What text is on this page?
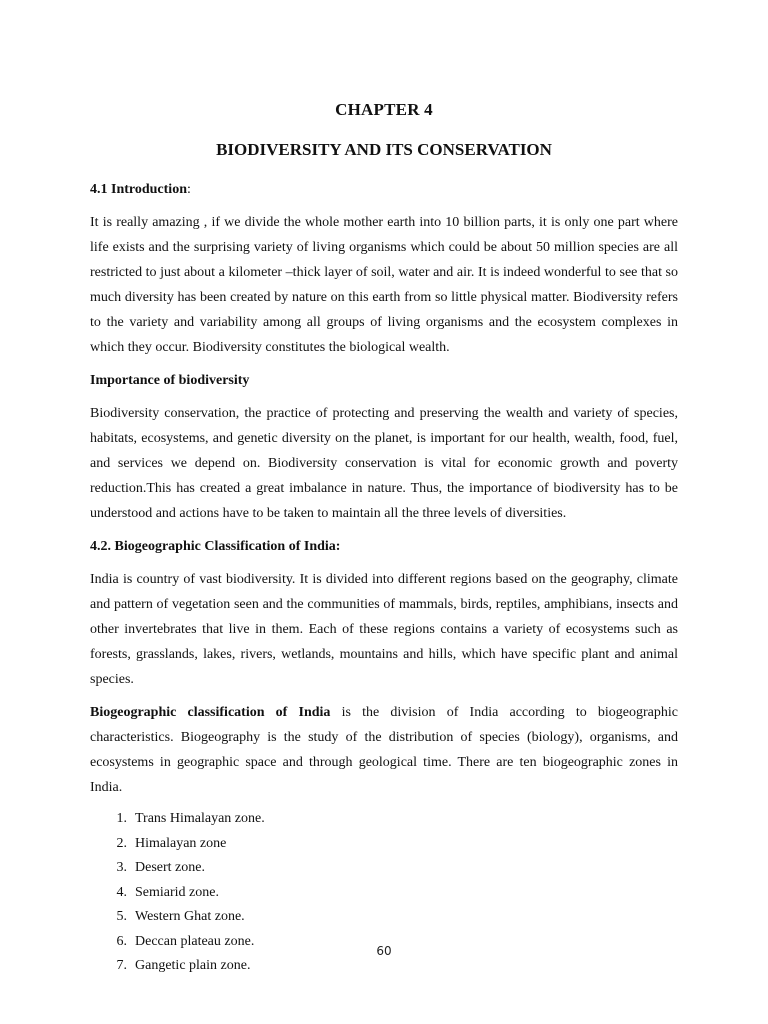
CHAPTER 4
BIODIVERSITY AND ITS CONSERVATION
4.1 Introduction:

It is really amazing , if we divide the whole mother earth into 10 billion parts, it is only one part where life exists and the surprising variety of living organisms which could be about 50 million species are all restricted to just about a kilometer –thick layer of soil, water and air. It is indeed wonderful to see that so much diversity has been created by nature on this earth from so little physical matter. Biodiversity refers to the variety and variability among all groups of living organisms and the ecosystem complexes in which they occur. Biodiversity constitutes the biological wealth.

Importance of biodiversity

Biodiversity conservation, the practice of protecting and preserving the wealth and variety of species, habitats, ecosystems, and genetic diversity on the planet, is important for our health, wealth, food, fuel, and services we depend on. Biodiversity conservation is vital for economic growth and poverty reduction.This has created a great imbalance in nature. Thus, the importance of biodiversity has to be understood and actions have to be taken to maintain all the three levels of diversities.

4.2. Biogeographic Classification of India:

India is country of vast biodiversity. It is divided into different regions based on the geography, climate and pattern of vegetation seen and the communities of mammals, birds, reptiles, amphibians, insects and other invertebrates that live in them. Each of these regions contains a variety of ecosystems such as forests, grasslands, lakes, rivers, wetlands, mountains and hills, which have specific plant and animal species.

Biogeographic classification of India is the division of India according to biogeographic characteristics. Biogeography is the study of the distribution of species (biology), organisms, and ecosystems in geographic space and through geological time. There are ten biogeographic zones in India.

1. Trans Himalayan zone.
2. Himalayan zone
3. Desert zone.
4. Semiarid zone.
5. Western Ghat zone.
6. Deccan plateau zone.
7. Gangetic plain zone.
60
